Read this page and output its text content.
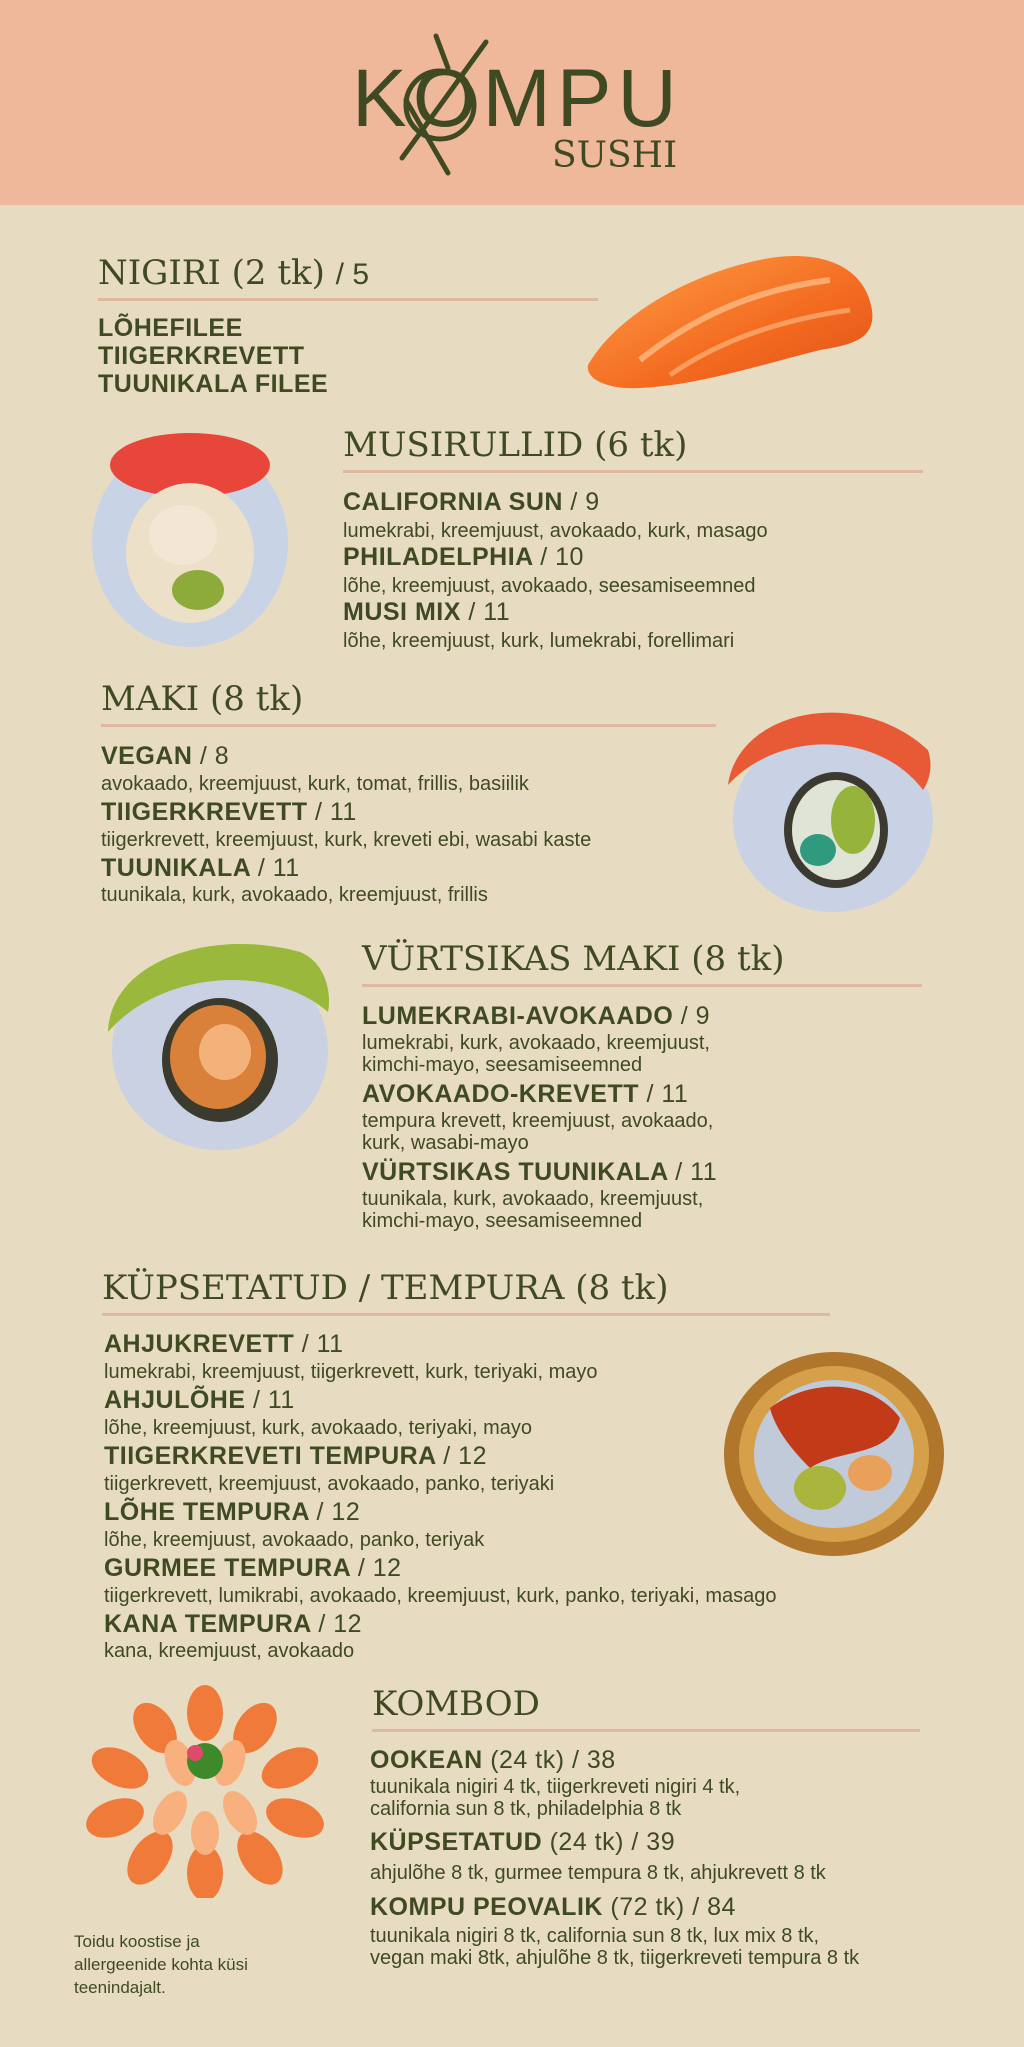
KOMPU
SUSHI
NIGIRI (2 tk) / 5
LÕHEFILEE
TIIGERKREVETT
TUUNIKALA FILEE
MUSIRULLID (6 tk)
CALIFORNIA SUN / 9
lumekrabi, kreemjuust, avokaado, kurk, masago
PHILADELPHIA / 10
lõhe, kreemjuust, avokaado, seesamiseemned
MUSI MIX / 11
lõhe, kreemjuust, kurk, lumekrabi, forellimari
MAKI (8 tk)
VEGAN / 8
avokaado, kreemjuust, kurk, tomat, frillis, basiilik
TIIGERKREVETT / 11
tiigerkrevett, kreemjuust, kurk, kreveti ebi, wasabi kaste
TUUNIKALA / 11
tuunikala, kurk, avokaado, kreemjuust, frillis
VÜRTSIKAS MAKI (8 tk)
LUMEKRABI-AVOKAADO / 9
lumekrabi, kurk, avokaado, kreemjuust,
kimchi-mayo, seesamiseemned
AVOKAADO-KREVETT / 11
tempura krevett, kreemjuust, avokaado,
kurk, wasabi-mayo
VÜRTSIKAS TUUNIKALA / 11
tuunikala, kurk, avokaado, kreemjuust,
kimchi-mayo, seesamiseemned
KÜPSETATUD / TEMPURA (8 tk)
AHJUKREVETT / 11
lumekrabi, kreemjuust, tiigerkrevett, kurk, teriyaki, mayo
AHJULÕHE / 11
lõhe, kreemjuust, kurk, avokaado, teriyaki, mayo
TIIGERKREVETI TEMPURA / 12
tiigerkrevett, kreemjuust, avokaado, panko, teriyaki
LÕHE TEMPURA / 12
lõhe, kreemjuust, avokaado, panko, teriyak
GURMEE TEMPURA / 12
tiigerkrevett, lumikrabi, avokaado, kreemjuust, kurk, panko, teriyaki, masago
KANA TEMPURA / 12
kana, kreemjuust, avokaado
KOMBOD
OOKEAN (24 tk) / 38
tuunikala nigiri 4 tk, tiigerkreveti nigiri 4 tk,
california sun 8 tk, philadelphia 8 tk
KÜPSETATUD (24 tk) / 39
ahjulõhe 8 tk, gurmee tempura 8 tk, ahjukrevett 8 tk
KOMPU PEOVALIK (72 tk) / 84
tuunikala nigiri 8 tk, california sun 8 tk, lux mix 8 tk,
vegan maki 8tk, ahjulõhe 8 tk, tiigerkreveti tempura 8 tk
Toidu koostise ja allergeenide kohta küsi teenindajalt.
